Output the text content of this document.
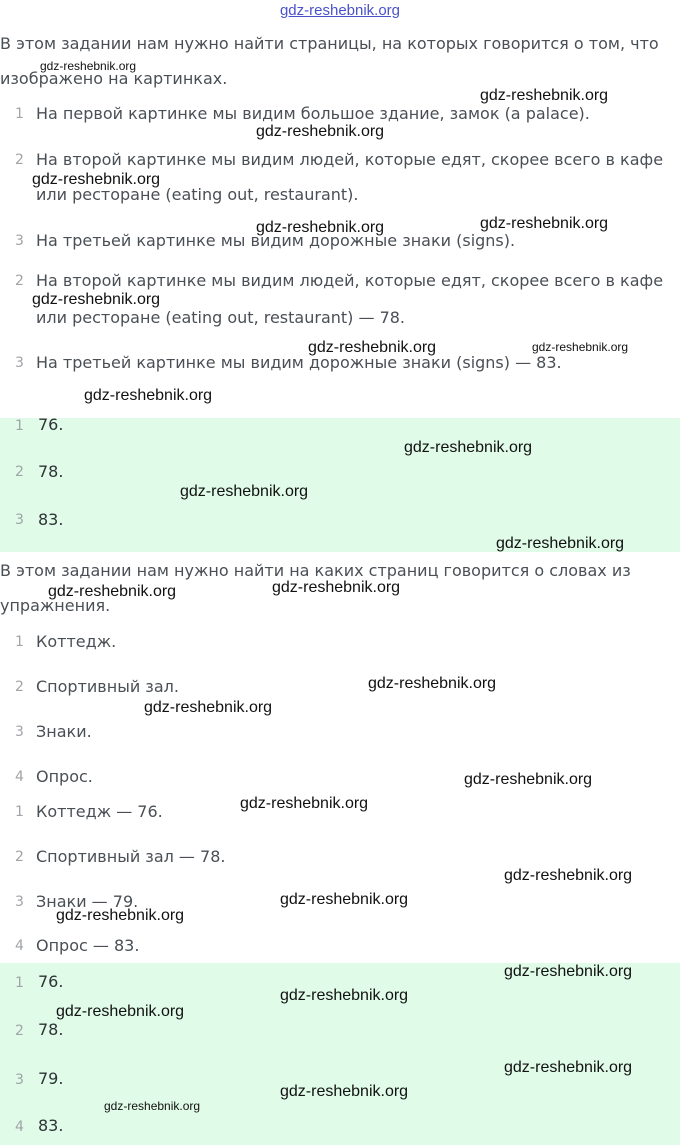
gdz-reshebnik.org
В этом задании нам нужно найти страницы, на которых говорится о том, что
изображено на картинках.
1 На первой картинке мы видим большое здание, замок (a palace).
2 На второй картинке мы видим людей, которые едят, скорее всего в кафе
или ресторане (eating out, restaurant).
3 На третьей картинке мы видим дорожные знаки (signs).
2 На второй картинке мы видим людей, которые едят, скорее всего в кафе
или ресторане (eating out, restaurant) — 78.
3 На третьей картинке мы видим дорожные знаки (signs) — 83.
1 76.
2 78.
3 83.
В этом задании нам нужно найти на каких страниц говорится о словах из
упражнения.
1 Коттедж.
2 Спортивный зал.
3 Знаки.
4 Опрос.
1 Коттедж — 76.
2 Спортивный зал — 78.
3 Знаки — 79.
4 Опрос — 83.
1 76.
2 78.
3 79.
4 83.
gdz-reshebnik.org
gdz-reshebnik.org
gdz-reshebnik.org
gdz-reshebnik.org
gdz-reshebnik.org	gdz-reshebnik.org
gdz-reshebnik.org
gdz-reshebnik.org	gdz-reshebnik.org
gdz-reshebnik.org
gdz-reshebnik.org
gdz-reshebnik.org
gdz-reshebnik.org
gdz-reshebnik.org	gdz-reshebnik.org
gdz-reshebnik.org
gdz-reshebnik.org
gdz-reshebnik.org
gdz-reshebnik.org
gdz-reshebnik.org
gdz-reshebnik.org
gdz-reshebnik.org
gdz-reshebnik.org
gdz-reshebnik.org
gdz-reshebnik.org
gdz-reshebnik.org
gdz-reshebnik.org
gdz-reshebnik.org
